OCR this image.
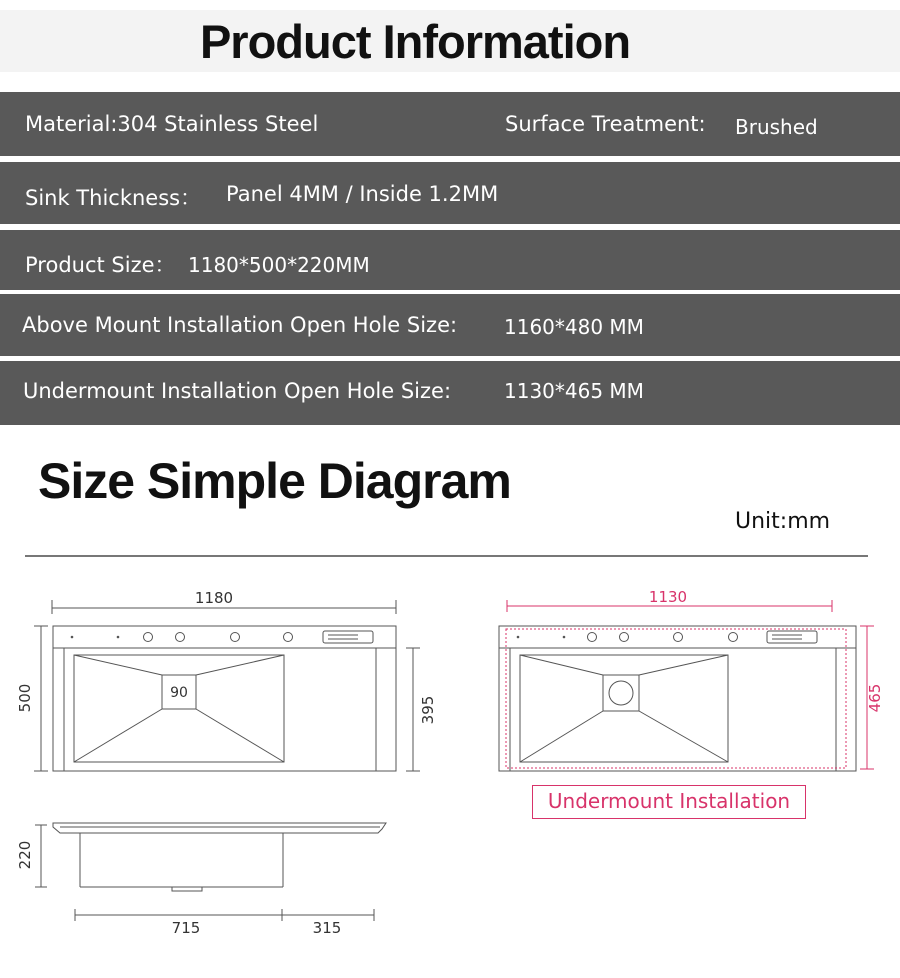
Product Information
Material:304 Stainless Steel	Surface Treatment: Brushed
Sink Thickness： Panel 4MM / Inside 1.2MM
Product Size： 1180*500*220MM
Above Mount Installation Open Hole Size: 1160*480 MM
Undermount Installation Open Hole Size:	1130*465 MM
Size Simple Diagram
Unit:mm
1180
90
500	395
220
715	315
1130
465
Undermount Installation
